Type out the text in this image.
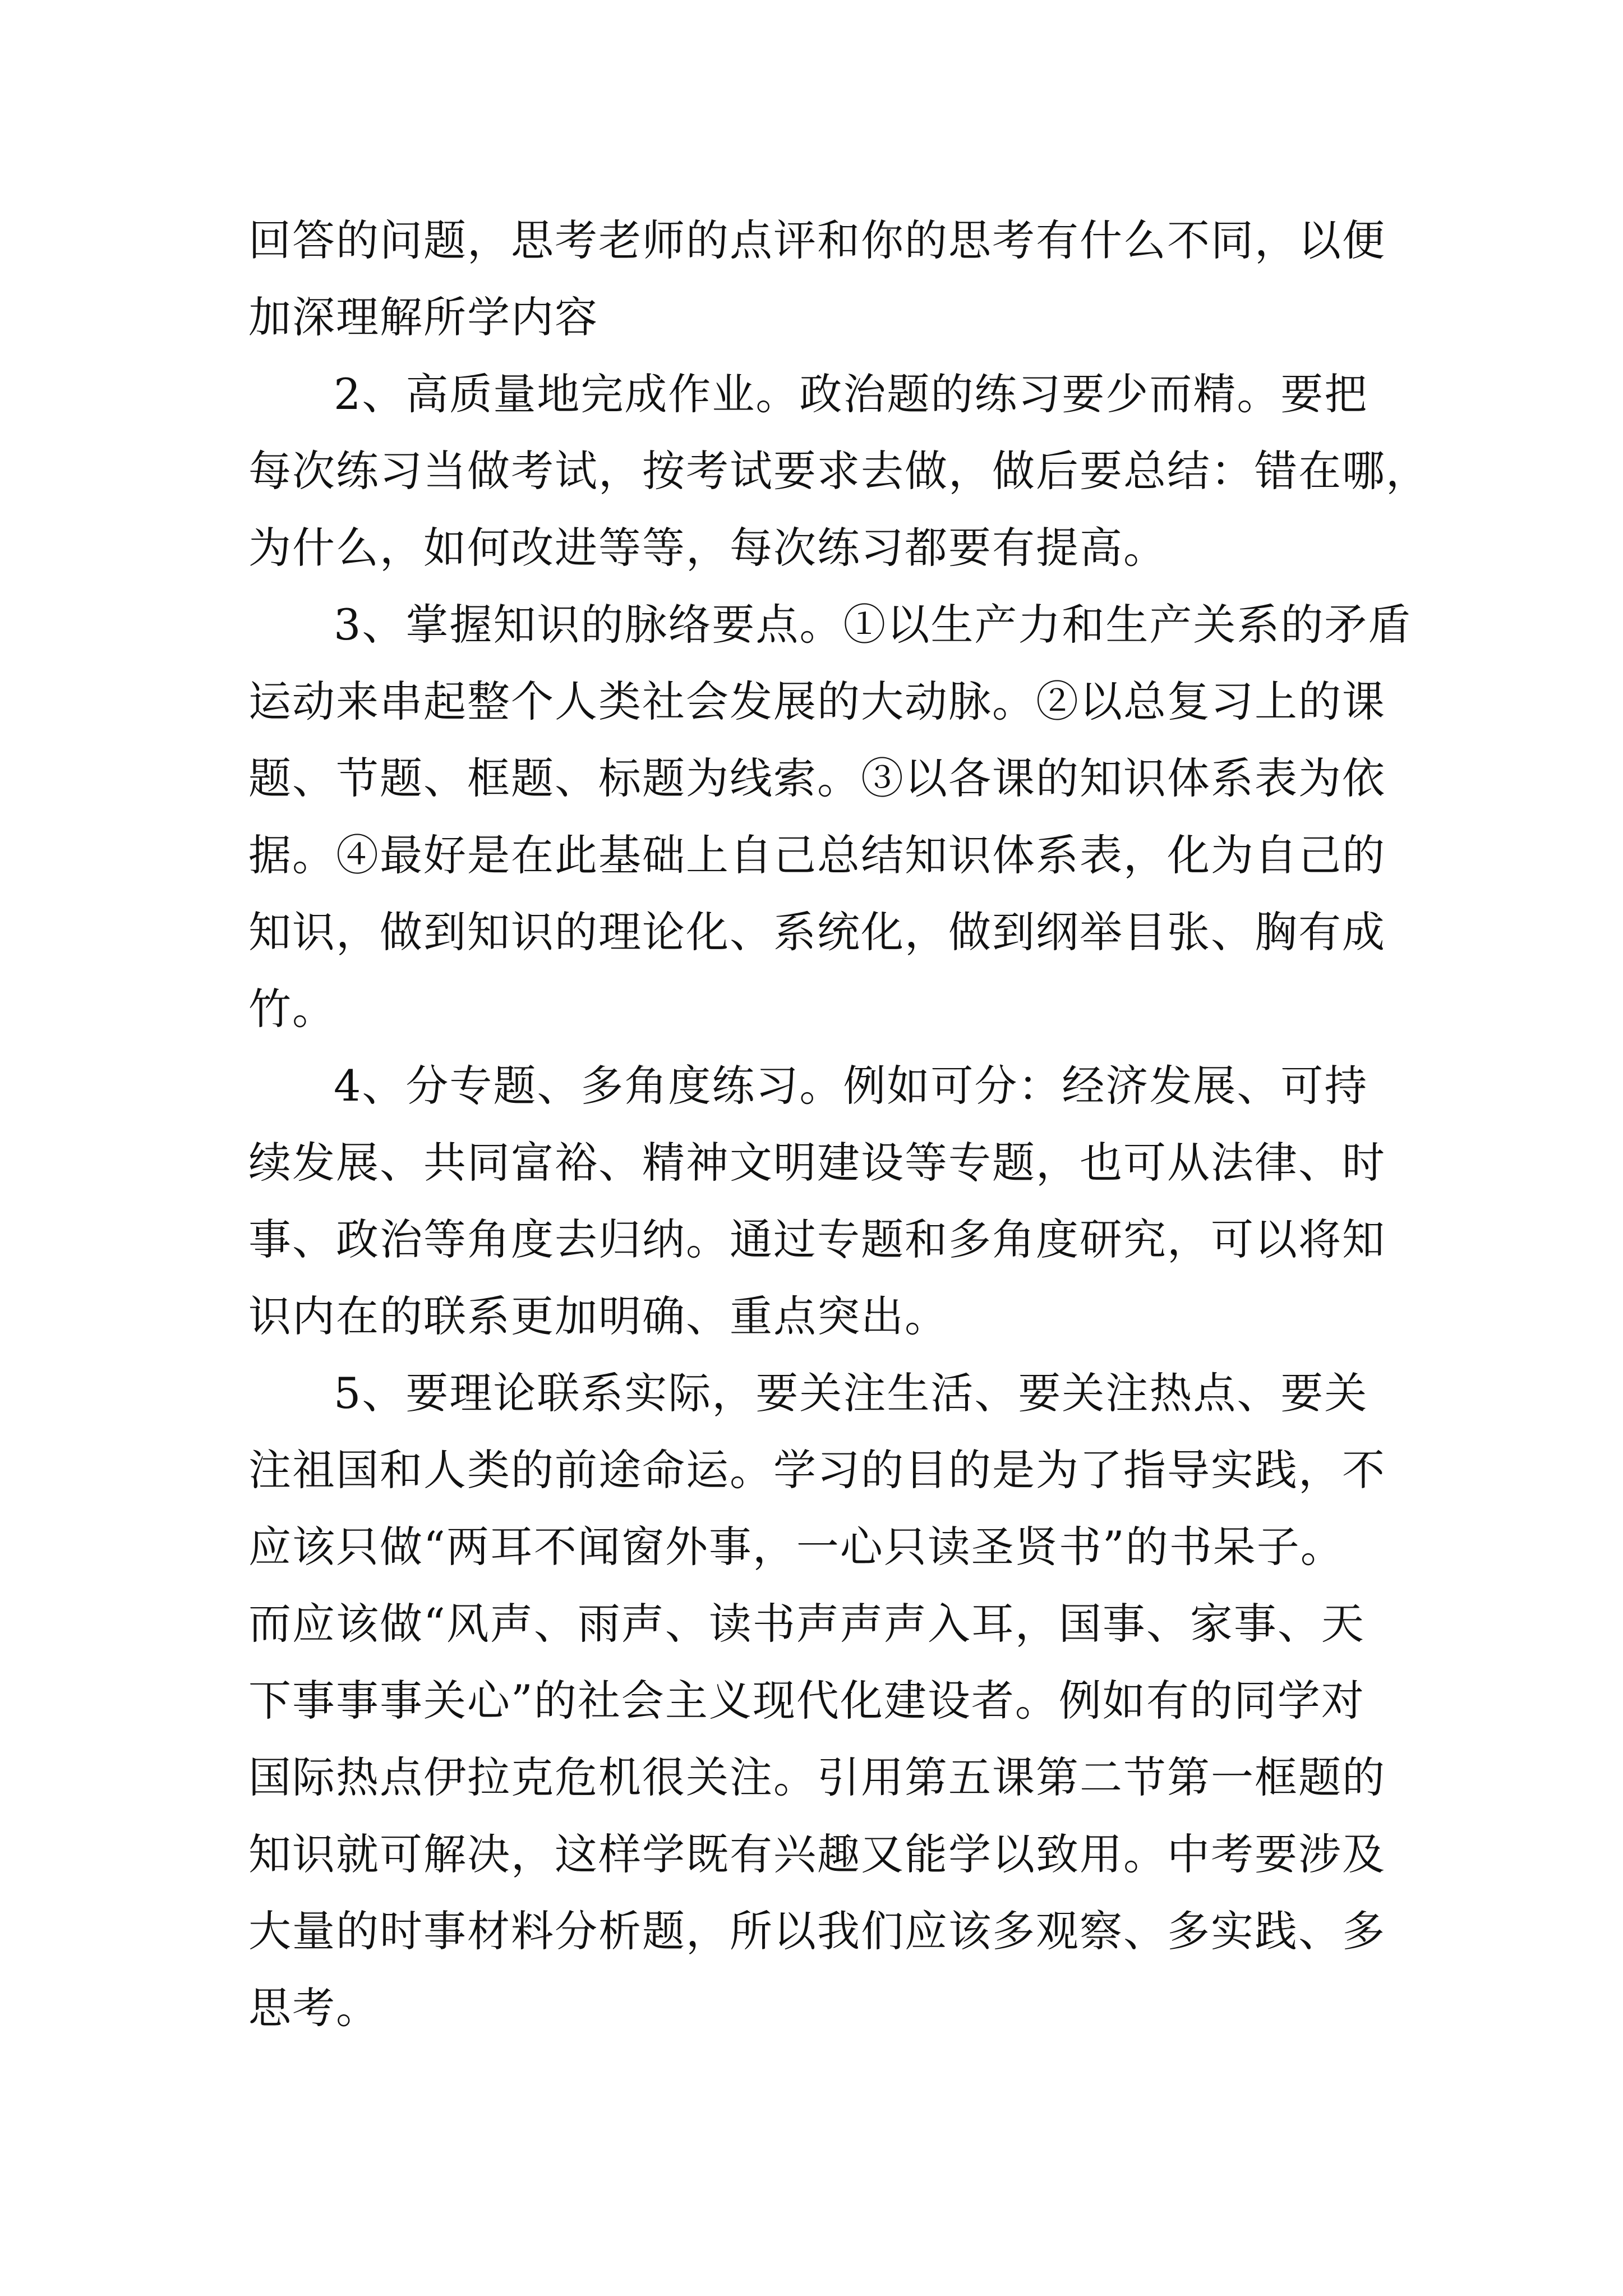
回答的问题，思考老师的点评和你的思考有什么不同，以便
加深理解所学内容
2、高质量地完成作业。政治题的练习要少而精。要把
每次练习当做考试，按考试要求去做，做后要总结：错在哪，
为什么，如何改进等等，每次练习都要有提高。
3、掌握知识的脉络要点。①以生产力和生产关系的矛盾
运动来串起整个人类社会发展的大动脉。②以总复习上的课
题、节题、框题、标题为线索。③以各课的知识体系表为依
据。④最好是在此基础上自己总结知识体系表，化为自己的
知识，做到知识的理论化、系统化，做到纲举目张、胸有成
竹。
4、分专题、多角度练习。例如可分：经济发展、可持
续发展、共同富裕、精神文明建设等专题，也可从法律、时
事、政治等角度去归纳。通过专题和多角度研究，可以将知
识内在的联系更加明确、重点突出。
5、要理论联系实际，要关注生活、要关注热点、要关
注祖国和人类的前途命运。学习的目的是为了指导实践，不
应该只做“两耳不闻窗外事，一心只读圣贤书”的书呆子。
而应该做“风声、雨声、读书声声声入耳，国事、家事、天
下事事事关心”的社会主义现代化建设者。例如有的同学对
国际热点伊拉克危机很关注。引用第五课第二节第一框题的
知识就可解决，这样学既有兴趣又能学以致用。中考要涉及
大量的时事材料分析题，所以我们应该多观察、多实践、多
思考。
